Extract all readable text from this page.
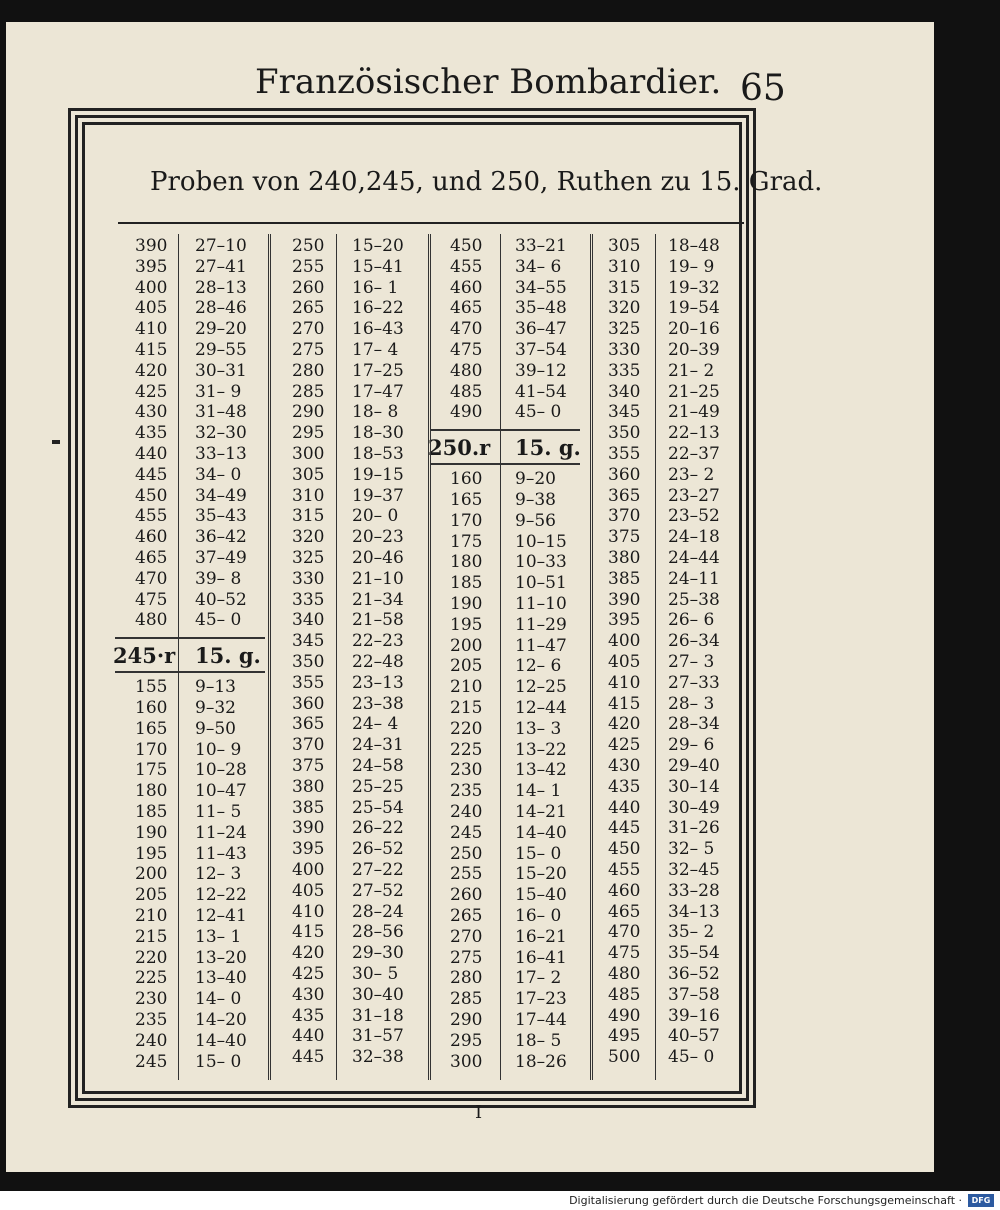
Französischer Bombardier. 65
Proben von 240,245, und 250, Ruthen zu 15. Grad.
390 27–10
395 27–41
400 28–13
405 28–46
410 29–20
415 29–55
420 30–31
425 31– 9
430 31–48
435 32–30
440 33–13
445 34– 0
450 34–49
455 35–43
460 36–42
465 37–49
470 39– 8
475 40–52
480 45– 0
245·r 15. g.
155 9–13
160 9–32
165 9–50
170 10– 9
175 10–28
180 10–47
185 11– 5
190 11–24
195 11–43
200 12– 3
205 12–22
210 12–41
215 13– 1
220 13–20
225 13–40
230 14– 0
235 14–20
240 14–40
245 15– 0
250 15–20
255 15–41
260 16– 1
265 16–22
270 16–43
275 17– 4
280 17–25
285 17–47
290 18– 8
295 18–30
300 18–53
305 19–15
310 19–37
315 20– 0
320 20–23
325 20–46
330 21–10
335 21–34
340 21–58
345 22–23
350 22–48
355 23–13
360 23–38
365 24– 4
370 24–31
375 24–58
380 25–25
385 25–54
390 26–22
395 26–52
400 27–22
405 27–52
410 28–24
415 28–56
420 29–30
425 30– 5
430 30–40
435 31–18
440 31–57
445 32–38
450 33–21
455 34– 6
460 34–55
465 35–48
470 36–47
475 37–54
480 39–12
485 41–54
490 45– 0
250.r 15. g.
160 9–20
165 9–38
170 9–56
175 10–15
180 10–33
185 10–51
190 11–10
195 11–29
200 11–47
205 12– 6
210 12–25
215 12–44
220 13– 3
225 13–22
230 13–42
235 14– 1
240 14–21
245 14–40
250 15– 0
255 15–20
260 15–40
265 16– 0
270 16–21
275 16–41
280 17– 2
285 17–23
290 17–44
295 18– 5
300 18–26
305 18–48
310 19– 9
315 19–32
320 19–54
325 20–16
330 20–39
335 21– 2
340 21–25
345 21–49
350 22–13
355 22–37
360 23– 2
365 23–27
370 23–52
375 24–18
380 24–44
385 24–11
390 25–38
395 26– 6
400 26–34
405 27– 3
410 27–33
415 28– 3
420 28–34
425 29– 6
430 29–40
435 30–14
440 30–49
445 31–26
450 32– 5
455 32–45
460 33–28
465 34–13
470 35– 2
475 35–54
480 36–52
485 37–58
490 39–16
495 40–57
500 45– 0
I
Digitalisierung gefördert durch die Deutsche Forschungsgemeinschaft ·	DFG
